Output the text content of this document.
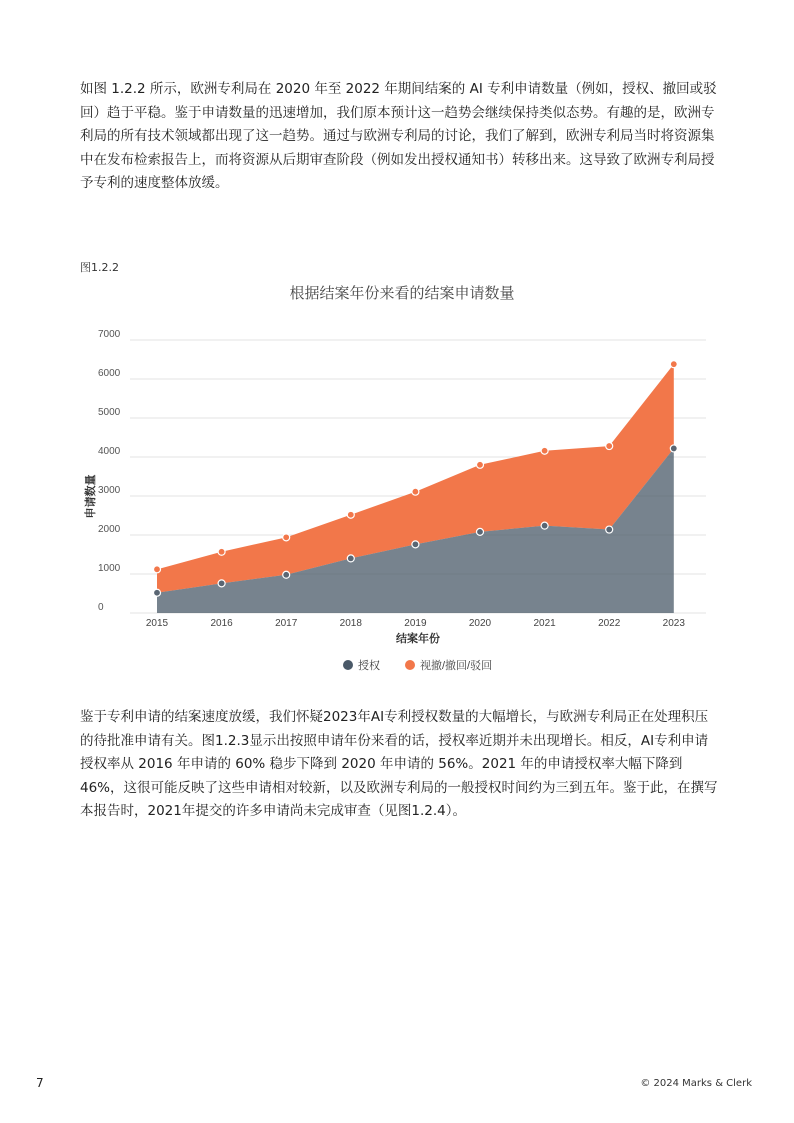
如图 1.2.2 所示，欧洲专利局在 2020 年至 2022 年期间结案的 AI 专利申请数量（例如，授权、撤回或驳回）趋于平稳。鉴于申请数量的迅速增加，我们原本预计这一趋势会继续保持类似态势。有趣的是，欧洲专利局的所有技术领域都出现了这一趋势。通过与欧洲专利局的讨论，我们了解到，欧洲专利局当时将资源集中在发布检索报告上，而将资源从后期审查阶段（例如发出授权通知书）转移出来。这导致了欧洲专利局授予专利的速度整体放缓。

图1.2.2
根据结案年份来看的结案申请数量
0
1000
2000
3000
4000
5000
6000
7000
2015	2016	2017	2018	2019	2020	2021	2022	2023
结案年份
申请数量
授权	视撤/撤回/驳回

鉴于专利申请的结案速度放缓，我们怀疑2023年AI专利授权数量的大幅增长，与欧洲专利局正在处理积压的待批准申请有关。图1.2.3显示出按照申请年份来看的话，授权率近期并未出现增长。相反，AI专利申请授权率从 2016 年申请的 60% 稳步下降到 2020 年申请的 56%。2021 年的申请授权率大幅下降到 46%，这很可能反映了这些申请相对较新，以及欧洲专利局的一般授权时间约为三到五年。鉴于此，在撰写本报告时，2021年提交的许多申请尚未完成审查（见图1.2.4）。

7	© 2024 Marks & Clerk
